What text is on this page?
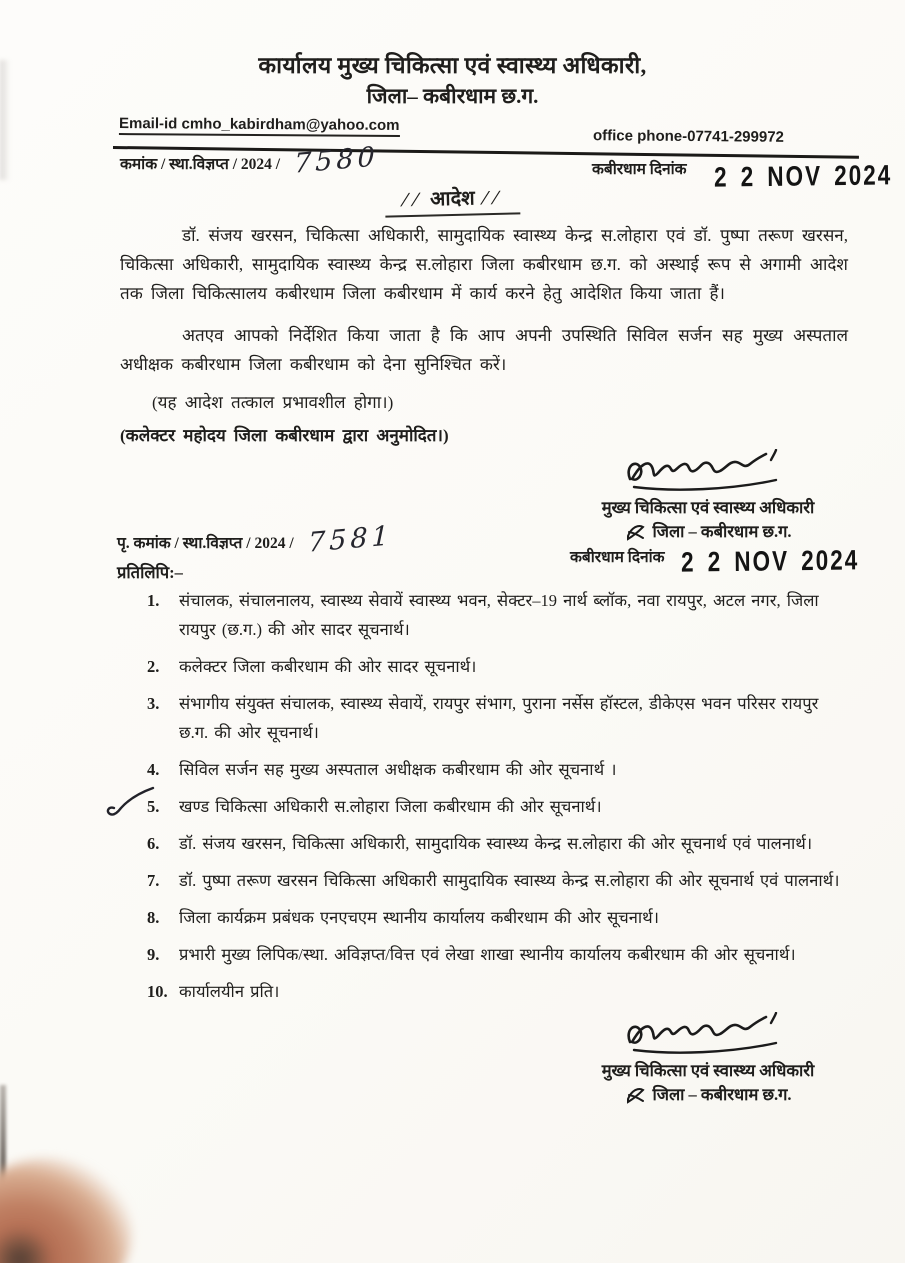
कार्यालय मुख्य चिकित्सा एवं स्वास्थ्य अधिकारी,
जिला– कबीरधाम छ.ग.
Email-id cmho_kabirdham@yahoo.com
office phone-07741-299972
कमांक / स्था.विज्ञप्त / 2024 / 7580	कबीरधाम दिनांक 2 2 NOV 2024
// आदेश //

डॉ. संजय खरसन, चिकित्सा अधिकारी, सामुदायिक स्वास्थ्य केन्द्र स.लोहारा एवं डॉ. पुष्पा तरूण खरसन, चिकित्सा अधिकारी, सामुदायिक स्वास्थ्य केन्द्र स.लोहारा जिला कबीरधाम छ.ग. को अस्थाई रूप से अगामी आदेश तक जिला चिकित्सालय कबीरधाम जिला कबीरधाम में कार्य करने हेतु आदेशित किया जाता हैं।

अतएव आपको निर्देशित किया जाता है कि आप अपनी उपस्थिति सिविल सर्जन सह मुख्य अस्पताल अधीक्षक कबीरधाम जिला कबीरधाम को देना सुनिश्चित करें।

(यह आदेश तत्काल प्रभावशील होगा।)

(कलेक्टर महोदय जिला कबीरधाम द्वारा अनुमोदित।)

मुख्य चिकित्सा एवं स्वास्थ्य अधिकारी
जिला – कबीरधाम छ.ग.
कबीरधाम दिनांक 2 2 NOV 2024
पृ. कमांक / स्था.विज्ञप्त / 2024 / 7581
प्रतिलिपि:–
1.	संचालक, संचालनालय, स्वास्थ्य सेवायें स्वास्थ्य भवन, सेक्टर–19 नार्थ ब्लॉक, नवा रायपुर, अटल नगर, जिला रायपुर (छ.ग.) की ओर सादर सूचनार्थ।
2.	कलेक्टर जिला कबीरधाम की ओर सादर सूचनार्थ।
3.	संभागीय संयुक्त संचालक, स्वास्थ्य सेवायें, रायपुर संभाग, पुराना नर्सेस हॉस्टल, डीकेएस भवन परिसर रायपुर छ.ग. की ओर सूचनार्थ।
4.	सिविल सर्जन सह मुख्य अस्पताल अधीक्षक कबीरधाम की ओर सूचनार्थ ।
5.	खण्ड चिकित्सा अधिकारी स.लोहारा जिला कबीरधाम की ओर सूचनार्थ।
6.	डॉ. संजय खरसन, चिकित्सा अधिकारी, सामुदायिक स्वास्थ्य केन्द्र स.लोहारा की ओर सूचनार्थ एवं पालनार्थ।
7.	डॉ. पुष्पा तरूण खरसन चिकित्सा अधिकारी सामुदायिक स्वास्थ्य केन्द्र स.लोहारा की ओर सूचनार्थ एवं पालनार्थ।
8.	जिला कार्यक्रम प्रबंधक एनएचएम स्थानीय कार्यालय कबीरधाम की ओर सूचनार्थ।
9.	प्रभारी मुख्य लिपिक/स्था. अविज्ञप्त/वित्त एवं लेखा शाखा स्थानीय कार्यालय कबीरधाम की ओर सूचनार्थ।
10. कार्यालयीन प्रति।
मुख्य चिकित्सा एवं स्वास्थ्य अधिकारी
जिला – कबीरधाम छ.ग.
